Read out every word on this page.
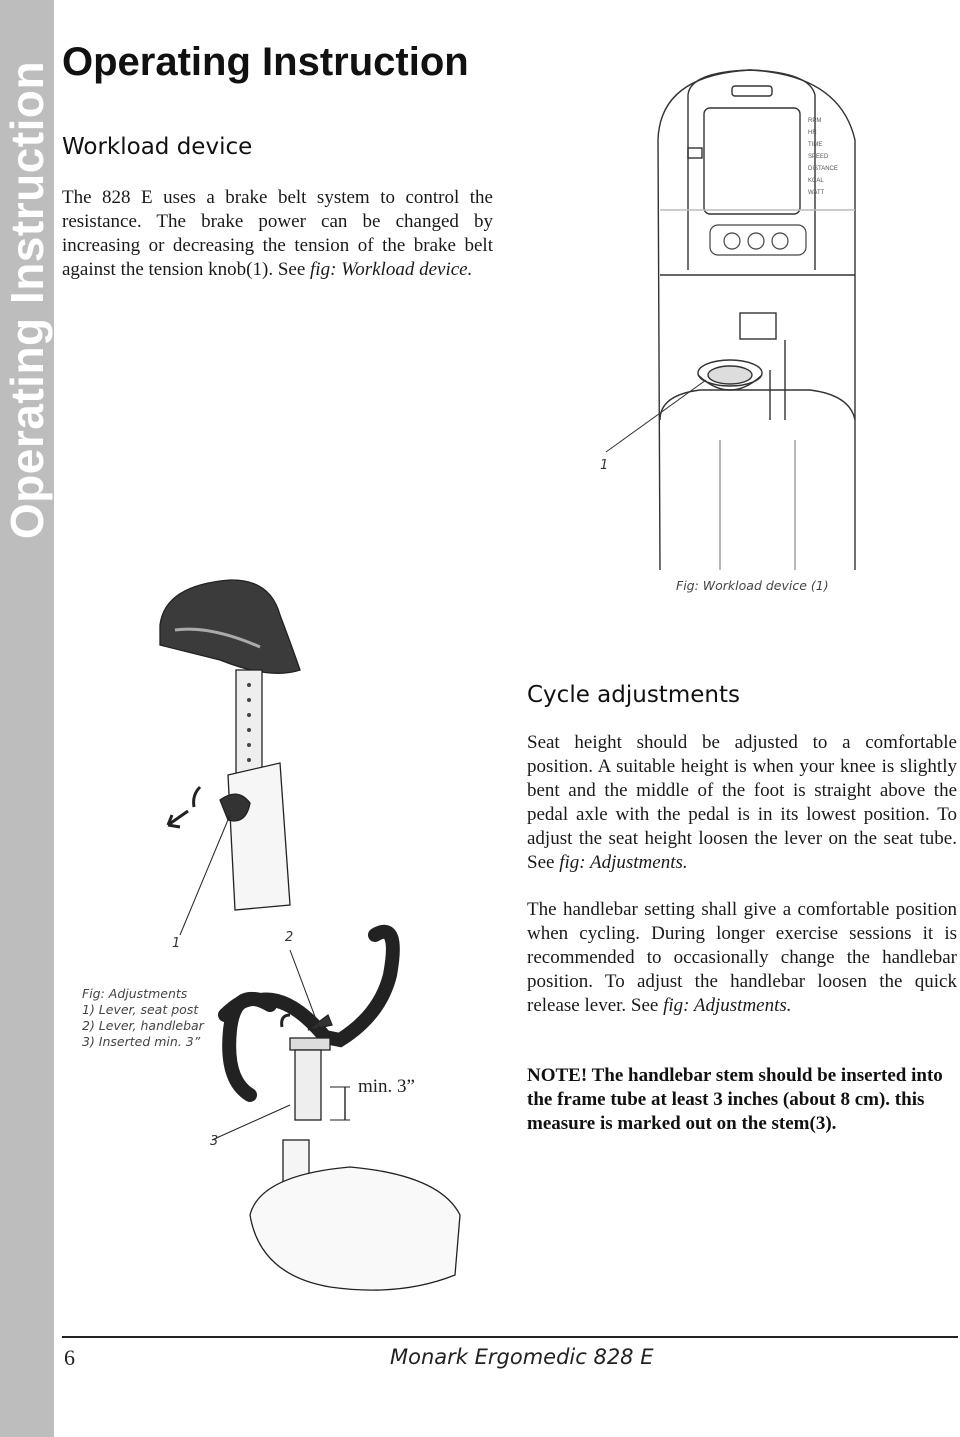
Operating Instruction Operating Instruction
Workload device

The 828 E uses a brake belt system to control the resistance. The brake power can be changed by increasing or decreasing the tension of the brake belt against the tension knob(1). See fig: Workload device.

RPM
HR
TIME
SPEED
DISTANCE
KCAL
WATT
1

Fig: Workload device (1)

Cycle adjustments

Seat height should be adjusted to a comfortable position. A suitable height is when your knee is slightly bent and the middle of the foot is straight above the pedal axle with the pedal is in its lowest position. To adjust the seat height loosen the lever on the seat tube. See fig: Adjustments.

The handlebar setting shall give a comfortable position when cycling. During longer exercise sessions it is recommended to occasionally change the handlebar position. To adjust the handlebar loosen the quick release lever. See fig: Adjustments.

NOTE! The handlebar stem should be inserted into the frame tube at least 3 inches (about 8 cm). this measure is marked out on the stem(3).

1	2
3
min. 3”
Fig: Adjustments
1) Lever, seat post
2) Lever, handlebar
3) Inserted min. 3”
6	Monark Ergomedic 828 E
